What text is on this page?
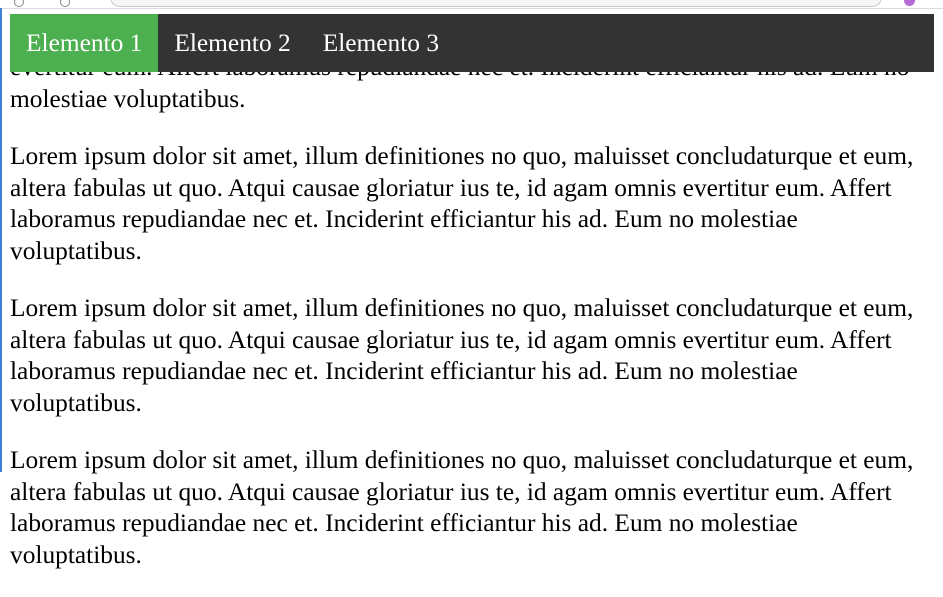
molestiae voluptatibus.

Lorem ipsum dolor sit amet, illum definitiones no quo, maluisset concludaturque et eum, altera fabulas ut quo. Atqui causae gloriatur ius te, id agam omnis evertitur eum. Affert laboramus repudiandae nec et. Inciderint efficiantur his ad. Eum no molestiae voluptatibus.

Lorem ipsum dolor sit amet, illum definitiones no quo, maluisset concludaturque et eum, altera fabulas ut quo. Atqui causae gloriatur ius te, id agam omnis evertitur eum. Affert laboramus repudiandae nec et. Inciderint efficiantur his ad. Eum no molestiae voluptatibus.

Lorem ipsum dolor sit amet, illum definitiones no quo, maluisset concludaturque et eum, altera fabulas ut quo. Atqui causae gloriatur ius te, id agam omnis evertitur eum. Affert laboramus repudiandae nec et. Inciderint efficiantur his ad. Eum no molestiae voluptatibus.

Elemento 1	Elemento 2	Elemento 3
